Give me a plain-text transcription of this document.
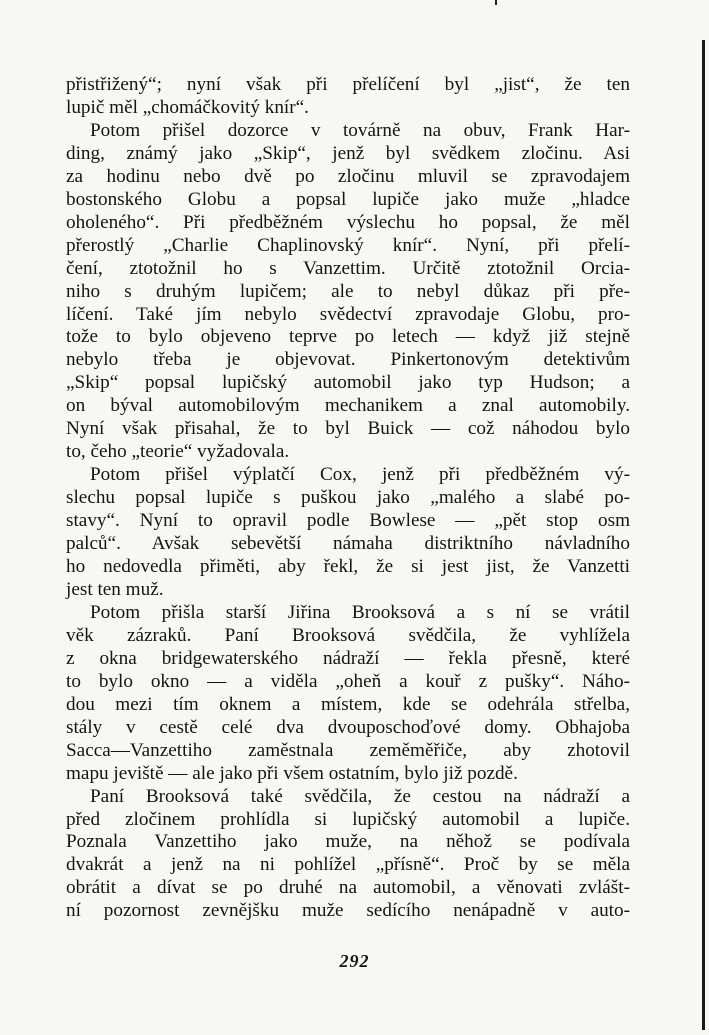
přistřižený“; nyní však při přelíčení byl „jist“, že ten
lupič měl „chomáčkovitý knír“.

Potom přišel dozorce v továrně na obuv, Frank Har-
ding, známý jako „Skip“, jenž byl svědkem zločinu. Asi
za hodinu nebo dvě po zločinu mluvil se zpravodajem
bostonského Globu a popsal lupiče jako muže „hladce
oholeného“. Při předběžném výslechu ho popsal, že měl
přerostlý „Charlie Chaplinovský knír“. Nyní, při přelí-
čení, ztotožnil ho s Vanzettim. Určitě ztotožnil Orcia-
niho s druhým lupičem; ale to nebyl důkaz při pře-
líčení. Také jím nebylo svědectví zpravodaje Globu, pro-
tože to bylo objeveno teprve po letech — když již stejně
nebylo třeba je objevovat. Pinkertonovým detektivům
„Skip“ popsal lupičský automobil jako typ Hudson; a
on býval automobilovým mechanikem a znal automobily.
Nyní však přisahal, že to byl Buick — což náhodou bylo
to, čeho „teorie“ vyžadovala.

Potom přišel výplatčí Cox, jenž při předběžném vý-
slechu popsal lupiče s puškou jako „malého a slabé po-
stavy“. Nyní to opravil podle Bowlese — „pět stop osm
palců“. Avšak sebevětší námaha distriktního návladního
ho nedovedla přiměti, aby řekl, že si jest jist, že Vanzetti
jest ten muž.

Potom přišla starší Jiřina Brooksová a s ní se vrátil
věk zázraků. Paní Brooksová svědčila, že vyhlížela
z okna bridgewaterského nádraží — řekla přesně, které
to bylo okno — a viděla „oheň a kouř z pušky“. Náho-
dou mezi tím oknem a místem, kde se odehrála střelba,
stály v cestě celé dva dvouposchoďové domy. Obhajoba
Sacca—Vanzettiho zaměstnala zeměměřiče, aby zhotovil
mapu jeviště — ale jako při všem ostatním, bylo již pozdě.

Paní Brooksová také svědčila, že cestou na nádraží a
před zločinem prohlídla si lupičský automobil a lupiče.
Poznala Vanzettiho jako muže, na něhož se podívala
dvakrát a jenž na ni pohlížel „přísně“. Proč by se měla
obrátit a dívat se po druhé na automobil, a věnovati zvlášt-
ní pozornost zevnějšku muže sedícího nenápadně v auto-

292
